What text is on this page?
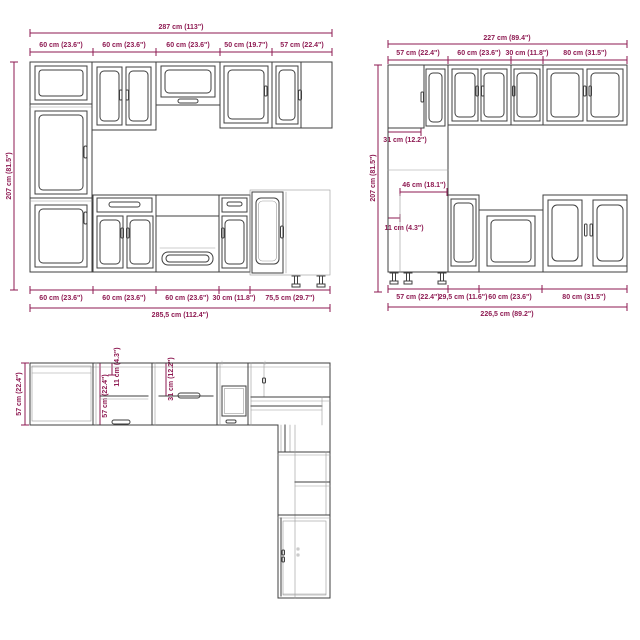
287 cm (113")
60 cm (23.6")	60 cm (23.6")	60 cm (23.6") 50 cm (19.7") 57 cm (22.4")
207 cm (81.5")
60 cm (23.6")	60 cm (23.6")	60 cm (23.6") 30 cm (11.8") 75,5 cm (29.7")
285,5 cm (112.4")
227 cm (89.4")
57 cm (22.4")	60 cm (23.6") 30 cm (11.8") 80 cm (31.5")
207 cm (81.5")
31 cm (12.2")
46 cm (18.1")
11 cm (4.3")
57 cm (22.4")
29,5 cm (11.6") 60 cm (23.6")	80 cm (31.5")
226,5 cm (89.2")
57 cm (22.4")	57 cm (22.4")
11 cm (4.3")	31 cm (12.2")
